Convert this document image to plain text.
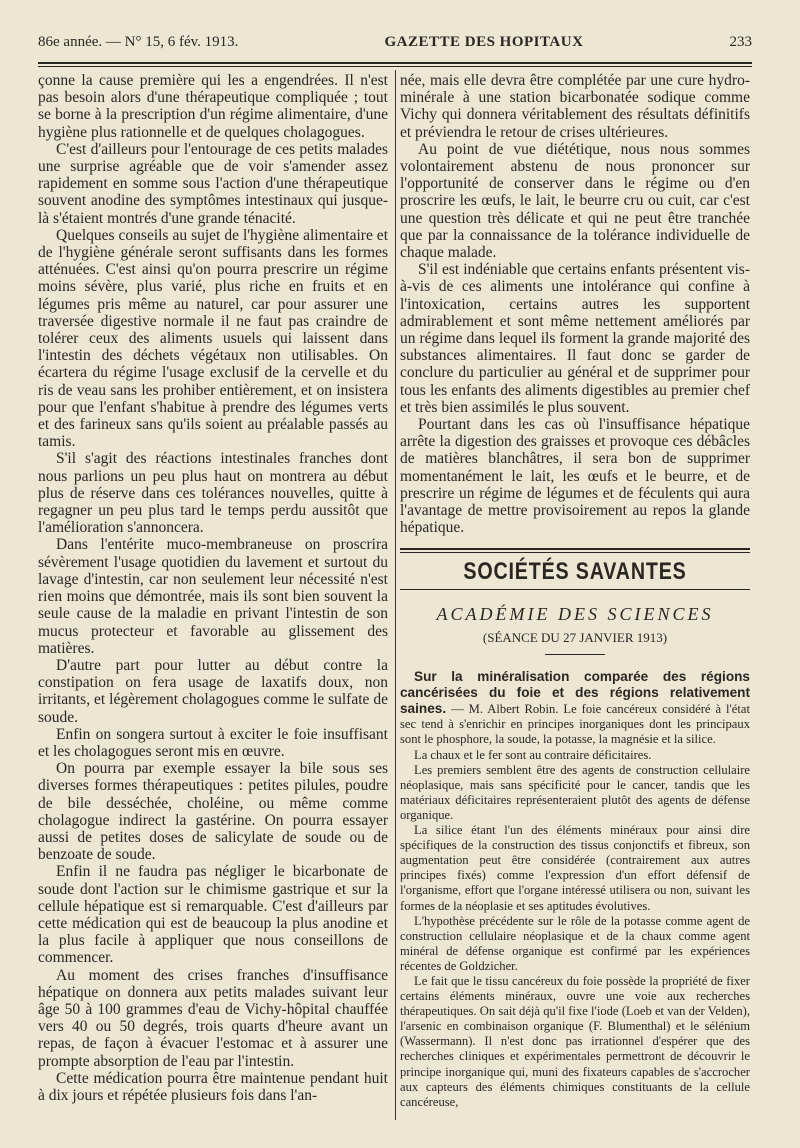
86e année. — N° 15, 6 fév. 1913.	GAZETTE DES HOPITAUX	233

çonne la cause première qui les a engendrées. Il n'est pas besoin alors d'une thérapeutique compliquée ; tout se borne à la prescription d'un régime alimentaire, d'une hygiène plus rationnelle et de quelques cholagogues.

C'est d'ailleurs pour l'entourage de ces petits malades une surprise agréable que de voir s'amender assez rapidement en somme sous l'action d'une thérapeutique souvent anodine des symptômes intestinaux qui jusque-là s'étaient montrés d'une grande ténacité.

Quelques conseils au sujet de l'hygiène alimentaire et de l'hygiène générale seront suffisants dans les formes atténuées. C'est ainsi qu'on pourra prescrire un régime moins sévère, plus varié, plus riche en fruits et en légumes pris même au naturel, car pour assurer une traversée digestive normale il ne faut pas craindre de tolérer ceux des aliments usuels qui laissent dans l'intestin des déchets végétaux non utilisables. On écartera du régime l'usage exclusif de la cervelle et du ris de veau sans les prohiber entièrement, et on insistera pour que l'enfant s'habitue à prendre des légumes verts et des farineux sans qu'ils soient au préalable passés au tamis.

S'il s'agit des réactions intestinales franches dont nous parlions un peu plus haut on montrera au début plus de réserve dans ces tolérances nouvelles, quitte à regagner un peu plus tard le temps perdu aussitôt que l'amélioration s'annoncera.

Dans l'entérite muco-membraneuse on proscrira sévèrement l'usage quotidien du lavement et surtout du lavage d'intestin, car non seulement leur nécessité n'est rien moins que démontrée, mais ils sont bien souvent la seule cause de la maladie en privant l'intestin de son mucus protecteur et favorable au glissement des matières.

D'autre part pour lutter au début contre la constipation on fera usage de laxatifs doux, non irritants, et légèrement cholagogues comme le sulfate de soude.

Enfin on songera surtout à exciter le foie insuffisant et les cholagogues seront mis en œuvre.

On pourra par exemple essayer la bile sous ses diverses formes thérapeutiques : petites pilules, poudre de bile desséchée, choléine, ou même comme cholagogue indirect la gastérine. On pourra essayer aussi de petites doses de salicylate de soude ou de benzoate de soude.

Enfin il ne faudra pas négliger le bicarbonate de soude dont l'action sur le chimisme gastrique et sur la cellule hépatique est si remarquable. C'est d'ailleurs par cette médication qui est de beaucoup la plus anodine et la plus facile à appliquer que nous conseillons de commencer.

Au moment des crises franches d'insuffisance hépatique on donnera aux petits malades suivant leur âge 50 à 100 grammes d'eau de Vichy-hôpital chauffée vers 40 ou 50 degrés, trois quarts d'heure avant un repas, de façon à évacuer l'estomac et à assurer une prompte absorption de l'eau par l'intestin.

Cette médication pourra être maintenue pendant huit à dix jours et répétée plusieurs fois dans l'an-

née, mais elle devra être complétée par une cure hydro-minérale à une station bicarbonatée sodique comme Vichy qui donnera véritablement des résultats définitifs et préviendra le retour de crises ultérieures.

Au point de vue diététique, nous nous sommes volontairement abstenu de nous prononcer sur l'opportunité de conserver dans le régime ou d'en proscrire les œufs, le lait, le beurre cru ou cuit, car c'est une question très délicate et qui ne peut être tranchée que par la connaissance de la tolérance individuelle de chaque malade.

S'il est indéniable que certains enfants présentent vis-à-vis de ces aliments une intolérance qui confine à l'intoxication, certains autres les supportent admirablement et sont même nettement améliorés par un régime dans lequel ils forment la grande majorité des substances alimentaires. Il faut donc se garder de conclure du particulier au général et de supprimer pour tous les enfants des aliments digestibles au premier chef et très bien assimilés le plus souvent.

Pourtant dans les cas où l'insuffisance hépatique arrête la digestion des graisses et provoque ces débâcles de matières blanchâtres, il sera bon de supprimer momentanément le lait, les œufs et le beurre, et de prescrire un régime de légumes et de féculents qui aura l'avantage de mettre provisoirement au repos la glande hépatique.

SOCIÉTÉS SAVANTES
ACADÉMIE DES SCIENCES
(SÉANCE DU 27 JANVIER 1913)

Sur la minéralisation comparée des régions cancérisées du foie et des régions relativement saines. — M. Albert Robin. Le foie cancéreux considéré à l'état sec tend à s'enrichir en principes inorganiques dont les principaux sont le phosphore, la soude, la potasse, la magnésie et la silice.

La chaux et le fer sont au contraire déficitaires.

Les premiers semblent être des agents de construction cellulaire néoplasique, mais sans spécificité pour le cancer, tandis que les matériaux déficitaires représenteraient plutôt des agents de défense organique.

La silice étant l'un des éléments minéraux pour ainsi dire spécifiques de la construction des tissus conjonctifs et fibreux, son augmentation peut être considérée (contrairement aux autres principes fixés) comme l'expression d'un effort défensif de l'organisme, effort que l'organe intéressé utilisera ou non, suivant les formes de la néoplasie et ses aptitudes évolutives.

L'hypothèse précédente sur le rôle de la potasse comme agent de construction cellulaire néoplasique et de la chaux comme agent minéral de défense organique est confirmé par les expériences récentes de Goldzicher.

Le fait que le tissu cancéreux du foie possède la propriété de fixer certains éléments minéraux, ouvre une voie aux recherches thérapeutiques. On sait déjà qu'il fixe l'iode (Loeb et van der Velden), l'arsenic en combinaison organique (F. Blumenthal) et le sélénium (Wassermann). Il n'est donc pas irrationnel d'espérer que des recherches cliniques et expérimentales permettront de découvrir le principe inorganique qui, muni des fixateurs capables de s'accrocher aux capteurs des éléments chimiques constituants de la cellule cancéreuse,
